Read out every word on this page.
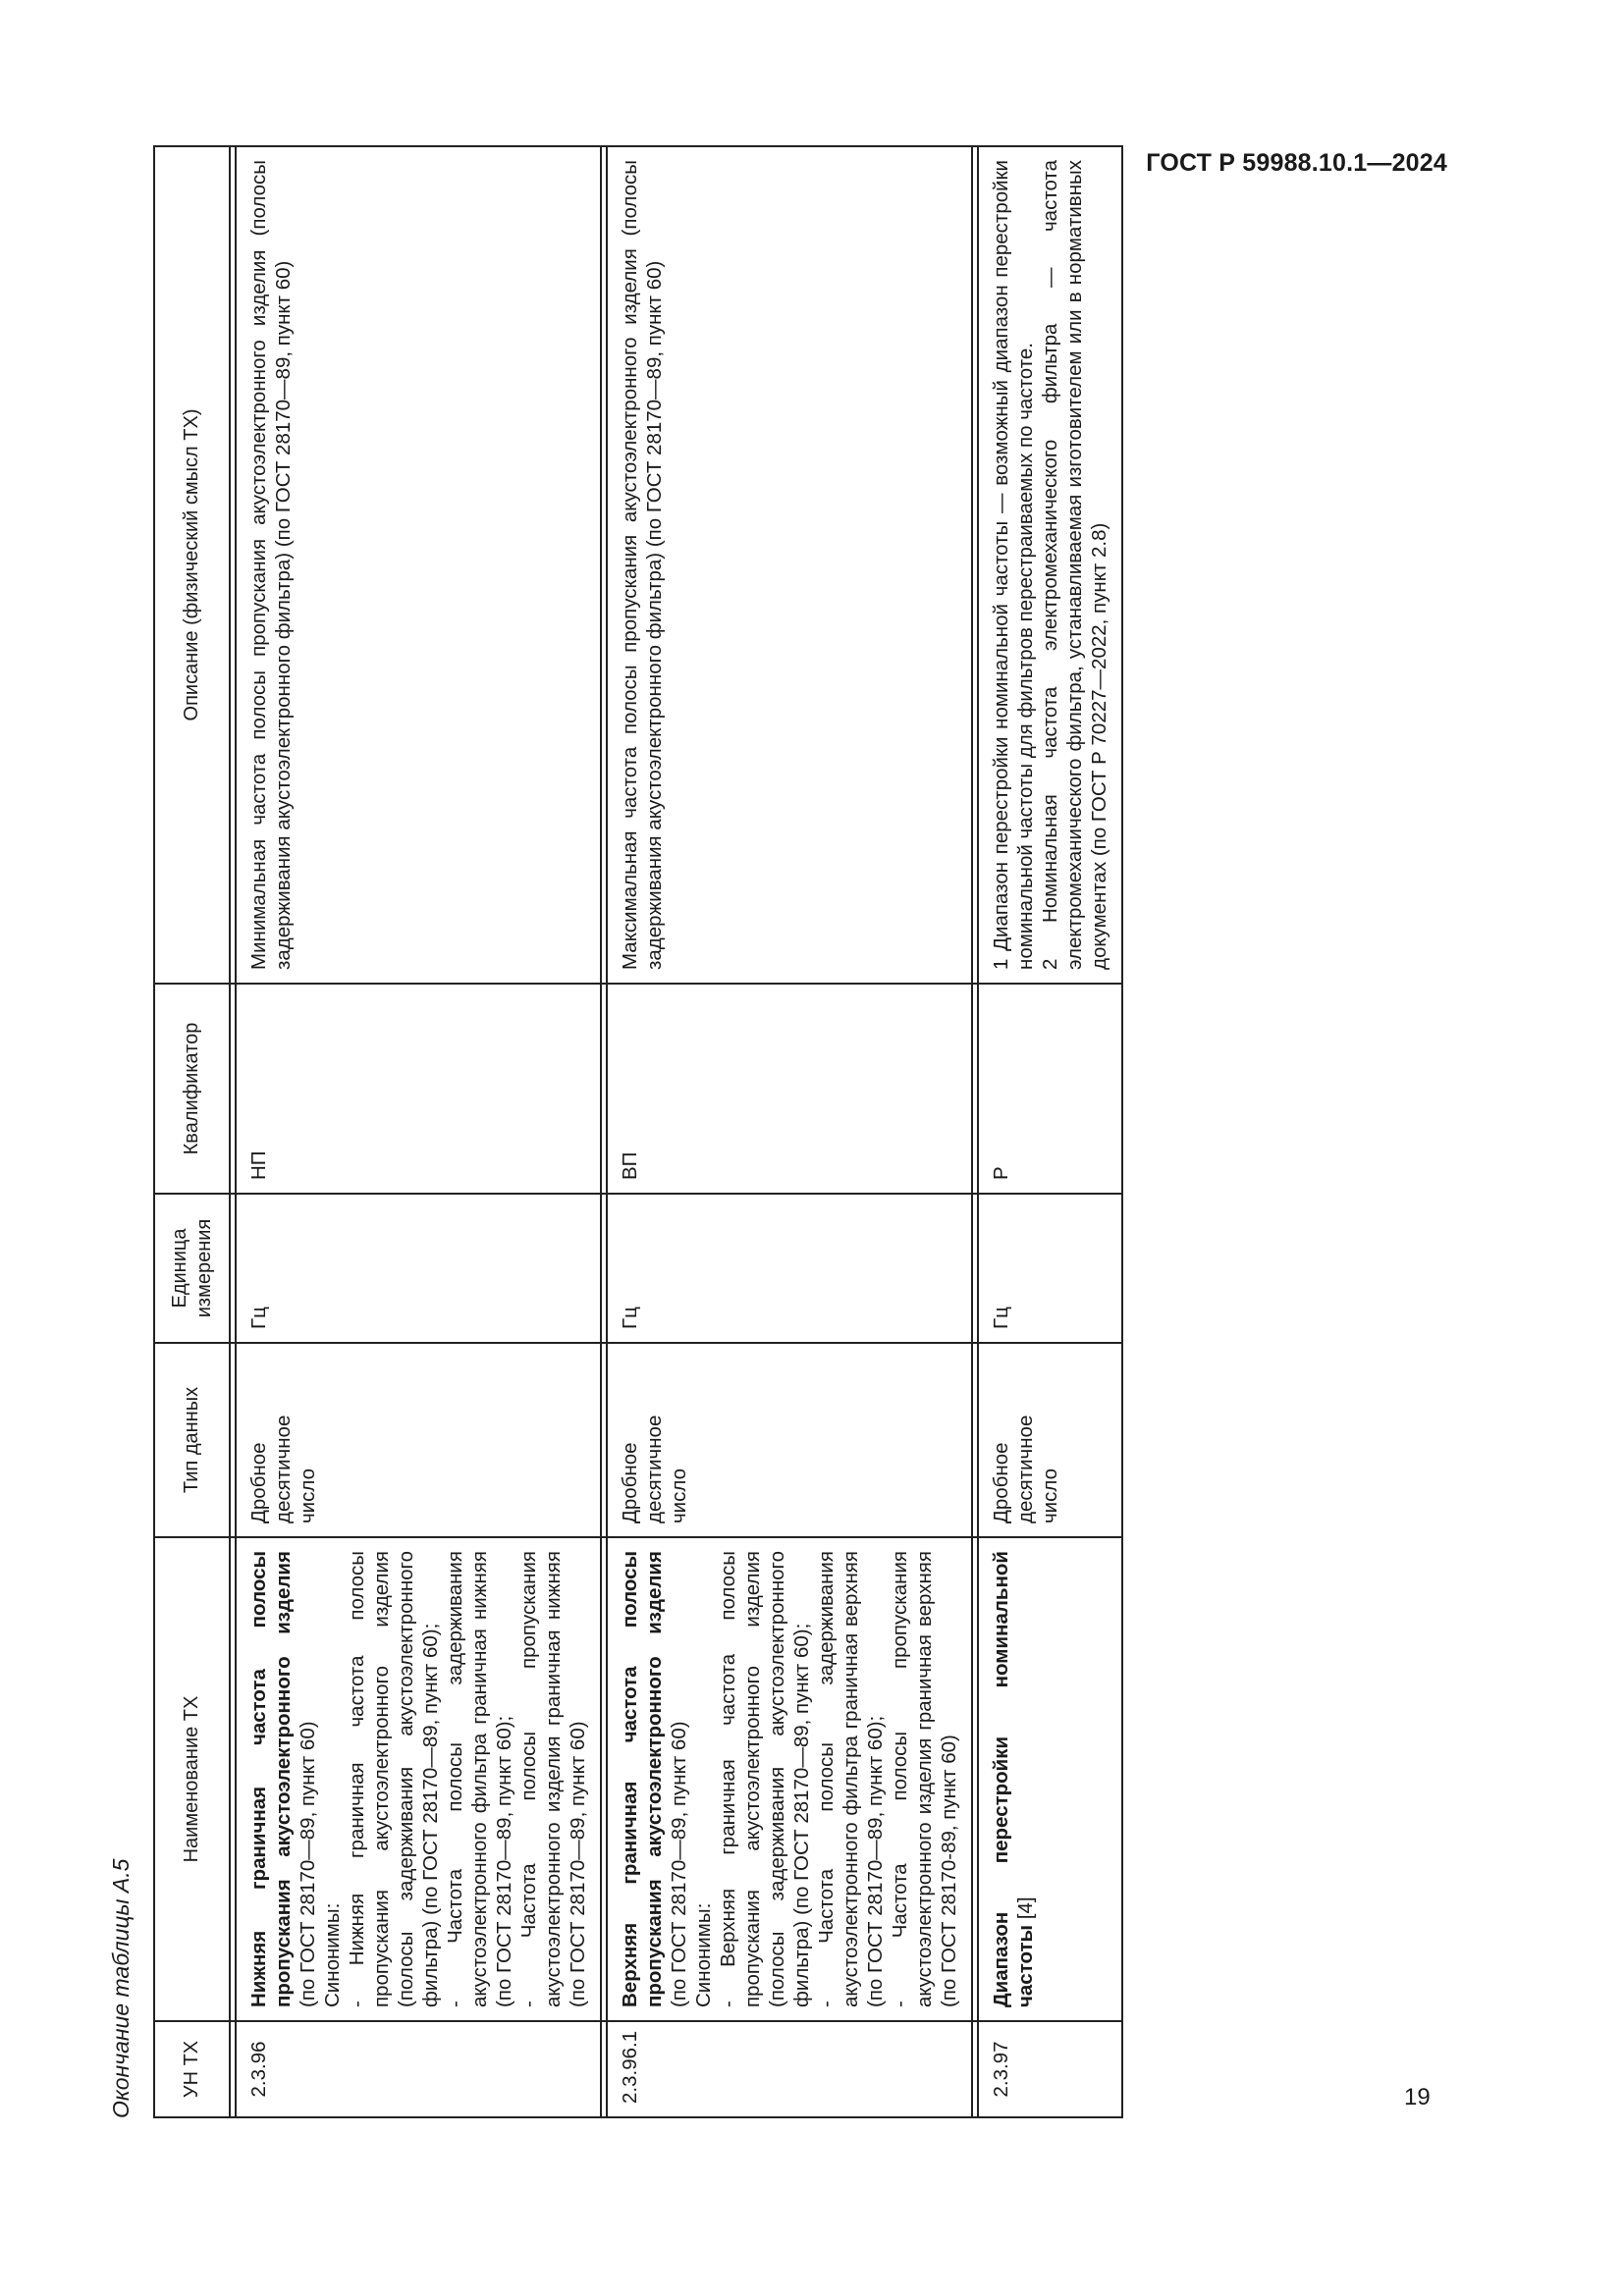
ГОСТ Р 59988.10.1—2024
Окончание таблицы А.5 УН ТХ	Наименование ТХ	Тип данных	Единица измерения	Квалификатор	Описание (физический смысл ТХ)

2.3.96	Нижняя граничная частота полосы пропускания акустоэлектронного изделия (по ГОСТ 28170—89, пункт 60) Синонимы: - Нижняя граничная частота полосы пропускания акустоэлектронного изделия (полосы задерживания акустоэлектронного фильтра) (по ГОСТ 28170—89, пункт 60); - Частота полосы задерживания акустоэлектронного фильтра граничная нижняя (по ГОСТ 28170—89, пункт 60); - Частота полосы пропускания акустоэлектронного изделия граничная нижняя (по ГОСТ 28170—89, пункт 60)	Дробное десятичное число	Гц	НП	Минимальная частота полосы пропускания акустоэлектронного изделия (полосы задерживания акустоэлектронного фильтра) (по ГОСТ 28170—89, пункт 60)

2.3.96.1	Верхняя граничная частота полосы пропускания акустоэлектронного изделия (по ГОСТ 28170—89, пункт 60) Синонимы: - Верхняя граничная частота полосы пропускания акустоэлектронного изделия (полосы задерживания акустоэлектронного фильтра) (по ГОСТ 28170—89, пункт 60); - Частота полосы задерживания акустоэлектронного фильтра граничная верхняя (по ГОСТ 28170—89, пункт 60); - Частота полосы пропускания акустоэлектронного изделия граничная верхняя (по ГОСТ 28170-89, пункт 60)	Дробное десятичное число	Гц	ВП	Максимальная частота полосы пропускания акустоэлектронного изделия (полосы задерживания акустоэлектронного фильтра) (по ГОСТ 28170—89, пункт 60)

2.3.97	Диапазон перестройки номинальной частоты [4]	Дробное десятичное число	Гц	Р	1 Диапазон перестройки номинальной частоты — возможный диапазон перестройки номинальной частоты для фильтров перестраиваемых по частоте. 2 Номинальная частота электромеханического фильтра — частота электромеханического фильтра, устанавливаемая изготовителем или в нормативных документах (по ГОСТ Р 70227—2022, пункт 2.8)
19
